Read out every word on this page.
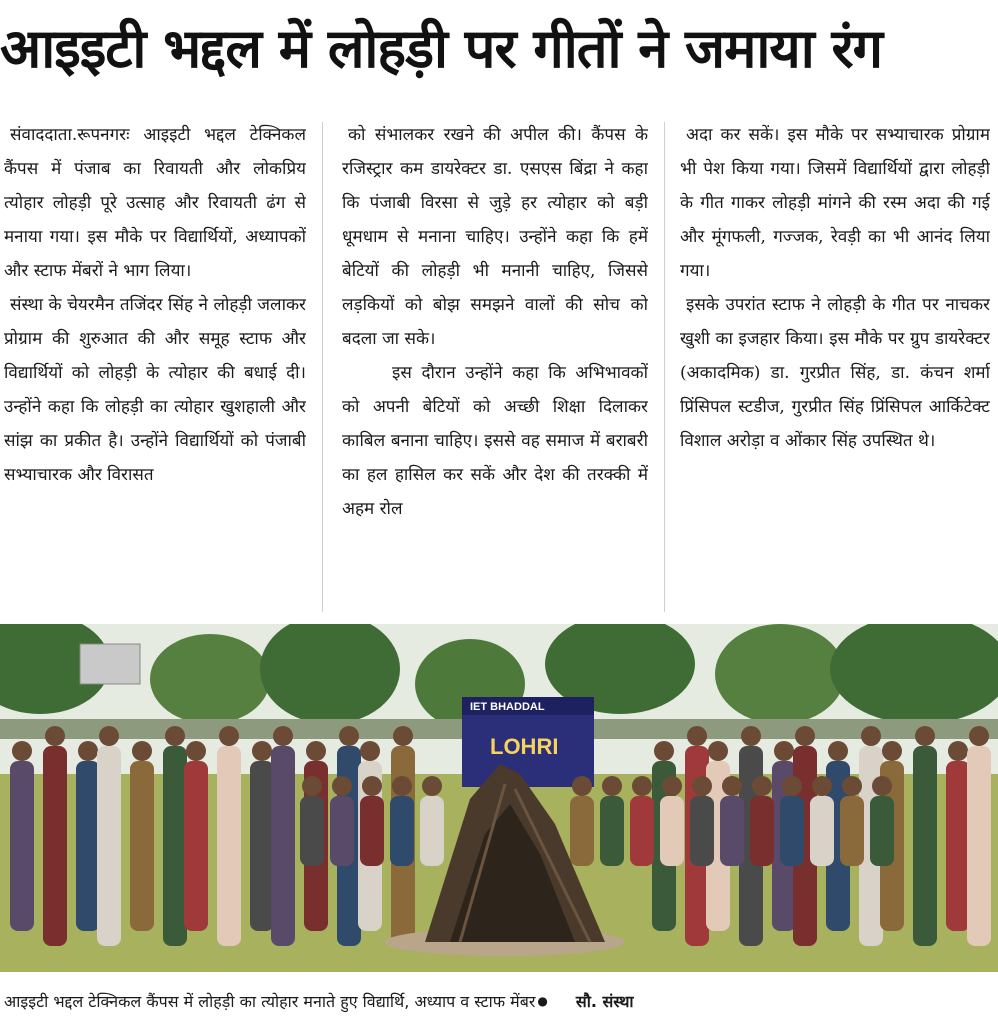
आइइटी भद्दल में लोहड़ी पर गीतों ने जमाया रंग

संवाददाता.रूपनगरः आइइटी भद्दल टेक्निकल कैंपस में पंजाब का रिवायती और लोकप्रिय त्योहार लोहड़ी पूरे उत्साह और रिवायती ढंग से मनाया गया। इस मौके पर विद्यार्थियों, अध्यापकों और स्टाफ मेंबरों ने भाग लिया।

संस्था के चेयरमैन तजिंदर सिंह ने लोहड़ी जलाकर प्रोग्राम की शुरुआत की और समूह स्टाफ और विद्यार्थियों को लोहड़ी के त्योहार की बधाई दी। उन्होंने कहा कि लोहड़ी का त्योहार खुशहाली और सांझ का प्रकीत है। उन्होंने विद्यार्थियों को पंजाबी सभ्याचारक और विरासत

को संभालकर रखने की अपील की। कैंपस के रजिस्ट्रार कम डायरेक्टर डा. एसएस बिंद्रा ने कहा कि पंजाबी विरसा से जुड़े हर त्योहार को बड़ी धूमधाम से मनाना चाहिए। उन्होंने कहा कि हमें बेटियों की लोहड़ी भी मनानी चाहिए, जिससे लड़कियों को बोझ समझने वालों की सोच को बदला जा सके।

इस दौरान उन्होंने कहा कि अभिभावकों को अपनी बेटियों को अच्छी शिक्षा दिलाकर काबिल बनाना चाहिए। इससे वह समाज में बराबरी का हल हासिल कर सकें और देश की तरक्की में अहम रोल

अदा कर सकें। इस मौके पर सभ्याचारक प्रोग्राम भी पेश किया गया। जिसमें विद्यार्थियों द्वारा लोहड़ी के गीत गाकर लोहड़ी मांगने की रस्म अदा की गई और मूंगफली, गज्जक, रेवड़ी का भी आनंद लिया गया।

इसके उपरांत स्टाफ ने लोहड़ी के गीत पर नाचकर खुशी का इजहार किया। इस मौके पर ग्रुप डायरेक्टर (अकादमिक) डा. गुरप्रीत सिंह, डा. कंचन शर्मा प्रिंसिपल स्टडीज, गुरप्रीत सिंह प्रिंसिपल आर्किटेक्ट विशाल अरोड़ा व ओंकार सिंह उपस्थित थे।

IET BHADDAL
LOHRI
आइइटी भद्दल टेक्निकल कैंपस में लोहड़ी का त्योहार मनाते हुए विद्यार्थि, अध्याप व स्टाफ मेंबर ● सौ. संस्था
